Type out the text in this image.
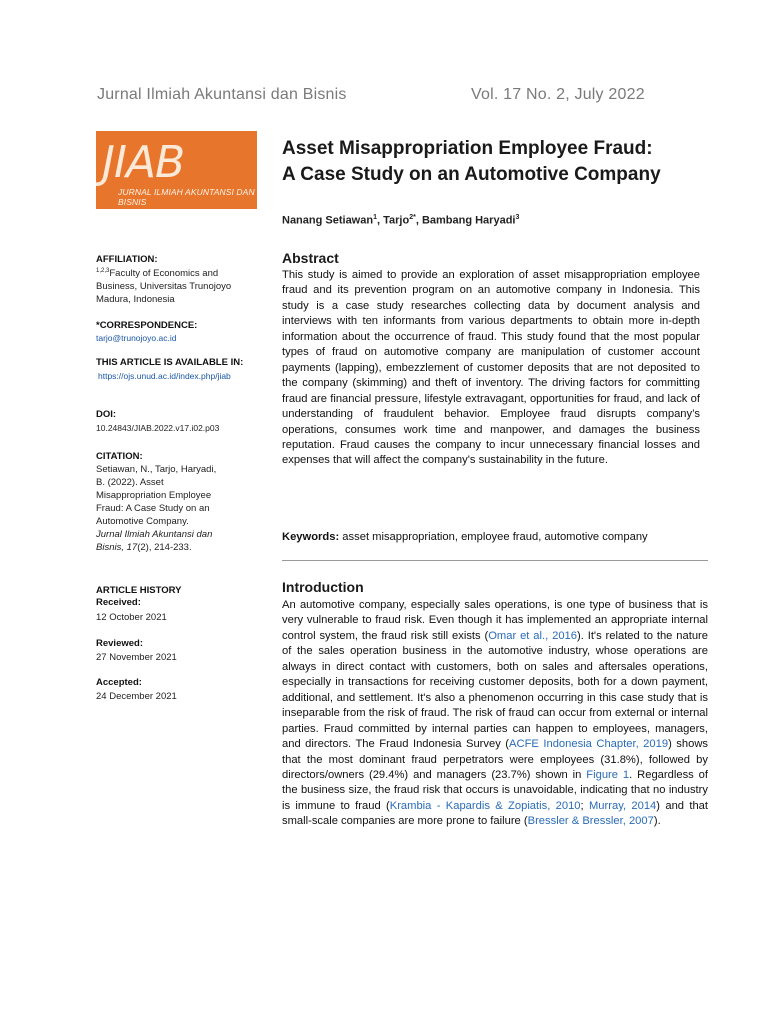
Jurnal Ilmiah Akuntansi dan Bisnis	Vol. 17 No. 2, July 2022
JIAB
JURNAL ILMIAH AKUNTANSI DAN BISNIS
Asset Misappropriation Employee Fraud:
A Case Study on an Automotive Company
Nanang Setiawan$^1$, Tarjo$^{2*}$, Bambang Haryadi$^3$
AFFILIATION:
$^{1,2,3}$Faculty of Economics and
Business, Universitas Trunojoyo
Madura, Indonesia
*CORRESPONDENCE:
tarjo@trunojoyo.ac.id
THIS ARTICLE IS AVAILABLE IN:
https://ojs.unud.ac.id/index.php/jiab
DOI:
10.24843/JIAB.2022.v17.i02.p03
CITATION:
Setiawan, N., Tarjo, Haryadi,
B. (2022). Asset
Misappropriation Employee
Fraud: A Case Study on an
Automotive Company.
Jurnal Ilmiah Akuntansi dan
Bisnis, 17(2), 214-233.
ARTICLE HISTORY
Received:
12 October 2021
Reviewed:
27 November 2021
Accepted:
24 December 2021
Abstract
This study is aimed to provide an exploration of asset misappropriation employee fraud and its prevention program on an automotive company in Indonesia. This study is a case study researches collecting data by document analysis and interviews with ten informants from various departments to obtain more in-depth information about the occurrence of fraud. This study found that the most popular types of fraud on automotive company are manipulation of customer account payments (lapping), embezzlement of customer deposits that are not deposited to the company (skimming) and theft of inventory. The driving factors for committing fraud are financial pressure, lifestyle extravagant, opportunities for fraud, and lack of understanding of fraudulent behavior. Employee fraud disrupts company’s operations, consumes work time and manpower, and damages the business reputation. Fraud causes the company to incur unnecessary financial losses and expenses that will affect the company's sustainability in the future.
Keywords: asset misappropriation, employee fraud, automotive company
Introduction
An automotive company, especially sales operations, is one type of business that is very vulnerable to fraud risk. Even though it has implemented an appropriate internal control system, the fraud risk still exists (Omar et al., 2016). It's related to the nature of the sales operation business in the automotive industry, whose operations are always in direct contact with customers, both on sales and aftersales operations, especially in transactions for receiving customer deposits, both for a down payment, additional, and settlement. It's also a phenomenon occurring in this case study that is inseparable from the risk of fraud. The risk of fraud can occur from external or internal parties. Fraud committed by internal parties can happen to employees, managers, and directors. The Fraud Indonesia Survey (ACFE Indonesia Chapter, 2019) shows that the most dominant fraud perpetrators were employees (31.8%), followed by directors/owners (29.4%) and managers (23.7%) shown in Figure 1. Regardless of the business size, the fraud risk that occurs is unavoidable, indicating that no industry is immune to fraud (Krambia - Kapardis & Zopiatis, 2010; Murray, 2014) and that small-scale companies are more prone to failure (Bressler & Bressler, 2007).
